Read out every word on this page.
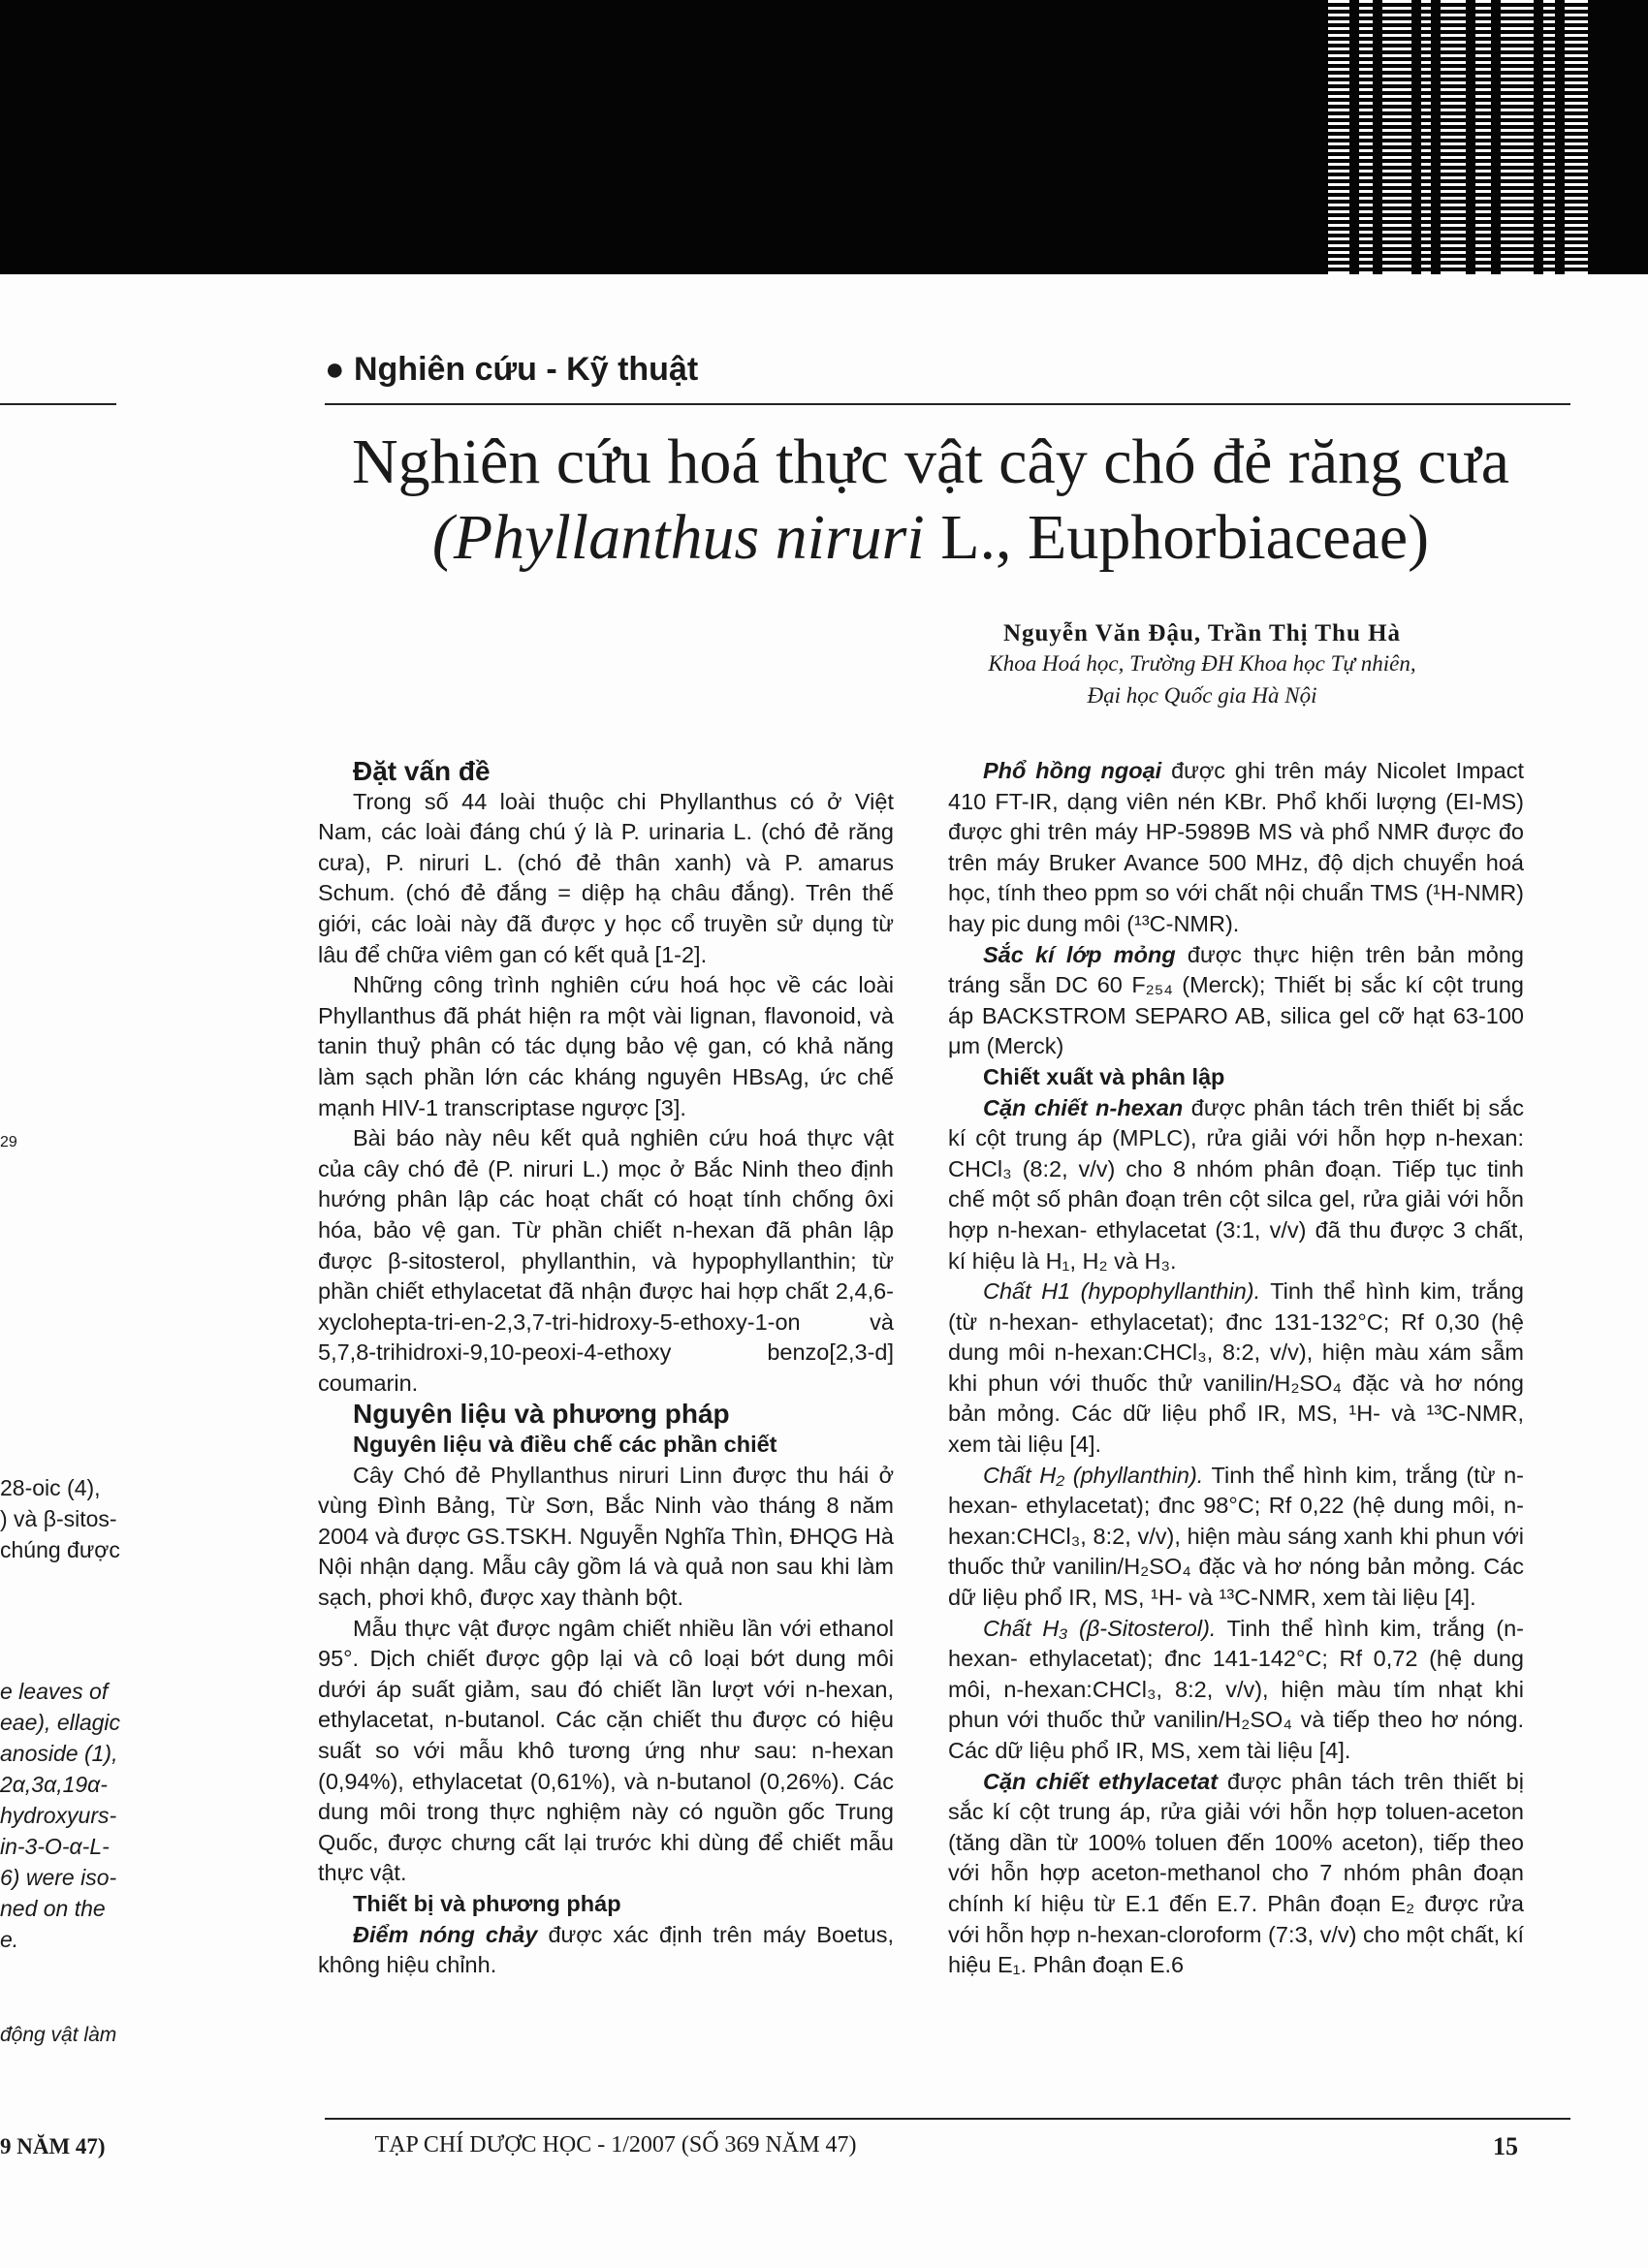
● Nghiên cứu - Kỹ thuật
Nghiên cứu hoá thực vật cây chó đẻ răng cưa
(Phyllanthus niruri L., Euphorbiaceae)
Nguyễn Văn Đậu, Trần Thị Thu Hà
Khoa Hoá học, Trường ĐH Khoa học Tự nhiên,
Đại học Quốc gia Hà Nội
29
28-oic (4),
) và β-sitos-
chúng được
e leaves of
eae), ellagic
anoside (1),
2α,3α,19α-
hydroxyurs-
in-3-O-α-L-
6) were iso-
ned on the
e.
động vật làm
9 NĂM 47)
Đặt vấn đề

Trong số 44 loài thuộc chi Phyllanthus có ở Việt Nam, các loài đáng chú ý là P. urinaria L. (chó đẻ răng cưa), P. niruri L. (chó đẻ thân xanh) và P. amarus Schum. (chó đẻ đắng = diệp hạ châu đắng). Trên thế giới, các loài này đã được y học cổ truyền sử dụng từ lâu để chữa viêm gan có kết quả [1-2].

Những công trình nghiên cứu hoá học về các loài Phyllanthus đã phát hiện ra một vài lignan, flavonoid, và tanin thuỷ phân có tác dụng bảo vệ gan, có khả năng làm sạch phần lớn các kháng nguyên HBsAg, ức chế mạnh HIV-1 transcriptase ngược [3].

Bài báo này nêu kết quả nghiên cứu hoá thực vật của cây chó đẻ (P. niruri L.) mọc ở Bắc Ninh theo định hướng phân lập các hoạt chất có hoạt tính chống ôxi hóa, bảo vệ gan. Từ phần chiết n-hexan đã phân lập được β-sitosterol, phyllanthin, và hypophyllanthin; từ phần chiết ethylacetat đã nhận được hai hợp chất 2,4,6-xyclohepta-tri-en-2,3,7-tri-hidroxy-5-ethoxy-1-on và 5,7,8-trihidroxi-9,10-peoxi-4-ethoxy benzo[2,3-d] coumarin.

Nguyên liệu và phương pháp
Nguyên liệu và điều chế các phần chiết

Cây Chó đẻ Phyllanthus niruri Linn được thu hái ở vùng Đình Bảng, Từ Sơn, Bắc Ninh vào tháng 8 năm 2004 và được GS.TSKH. Nguyễn Nghĩa Thìn, ĐHQG Hà Nội nhận dạng. Mẫu cây gồm lá và quả non sau khi làm sạch, phơi khô, được xay thành bột.

Mẫu thực vật được ngâm chiết nhiều lần với ethanol 95°. Dịch chiết được gộp lại và cô loại bớt dung môi dưới áp suất giảm, sau đó chiết lần lượt với n-hexan, ethylacetat, n-butanol. Các cặn chiết thu được có hiệu suất so với mẫu khô tương ứng như sau: n-hexan (0,94%), ethylacetat (0,61%), và n-butanol (0,26%). Các dung môi trong thực nghiệm này có nguồn gốc Trung Quốc, được chưng cất lại trước khi dùng để chiết mẫu thực vật.

Thiết bị và phương pháp

Điểm nóng chảy được xác định trên máy Boetus, không hiệu chỉnh.

Phổ hồng ngoại được ghi trên máy Nicolet Impact 410 FT-IR, dạng viên nén KBr. Phổ khối lượng (EI-MS) được ghi trên máy HP-5989B MS và phổ NMR được đo trên máy Bruker Avance 500 MHz, độ dịch chuyển hoá học, tính theo ppm so với chất nội chuẩn TMS (¹H-NMR) hay pic dung môi (¹³C-NMR).

Sắc kí lớp mỏng được thực hiện trên bản mỏng tráng sẵn DC 60 F₂₅₄ (Merck); Thiết bị sắc kí cột trung áp BACKSTROM SEPARO AB, silica gel cỡ hạt 63-100 μm (Merck)

Chiết xuất và phân lập

Cặn chiết n-hexan được phân tách trên thiết bị sắc kí cột trung áp (MPLC), rửa giải với hỗn hợp n-hexan: CHCl₃ (8:2, v/v) cho 8 nhóm phân đoạn. Tiếp tục tinh chế một số phân đoạn trên cột silca gel, rửa giải với hỗn hợp n-hexan- ethylacetat (3:1, v/v) đã thu được 3 chất, kí hiệu là H₁, H₂ và H₃.

Chất H1 (hypophyllanthin). Tinh thể hình kim, trắng (từ n-hexan- ethylacetat); đnc 131-132°C; Rf 0,30 (hệ dung môi n-hexan:CHCl₃, 8:2, v/v), hiện màu xám sẫm khi phun với thuốc thử vanilin/H₂SO₄ đặc và hơ nóng bản mỏng. Các dữ liệu phổ IR, MS, ¹H- và ¹³C-NMR, xem tài liệu [4].

Chất H₂ (phyllanthin). Tinh thể hình kim, trắng (từ n-hexan- ethylacetat); đnc 98°C; Rf 0,22 (hệ dung môi, n-hexan:CHCl₃, 8:2, v/v), hiện màu sáng xanh khi phun với thuốc thử vanilin/H₂SO₄ đặc và hơ nóng bản mỏng. Các dữ liệu phổ IR, MS, ¹H- và ¹³C-NMR, xem tài liệu [4].

Chất H₃ (β-Sitosterol). Tinh thể hình kim, trắng (n-hexan- ethylacetat); đnc 141-142°C; Rf 0,72 (hệ dung môi, n-hexan:CHCl₃, 8:2, v/v), hiện màu tím nhạt khi phun với thuốc thử vanilin/H₂SO₄ và tiếp theo hơ nóng. Các dữ liệu phổ IR, MS, xem tài liệu [4].

Cặn chiết ethylacetat được phân tách trên thiết bị sắc kí cột trung áp, rửa giải với hỗn hợp toluen-aceton (tăng dần từ 100% toluen đến 100% aceton), tiếp theo với hỗn hợp aceton-methanol cho 7 nhóm phân đoạn chính kí hiệu từ E.1 đến E.7. Phân đoạn E₂ được rửa với hỗn hợp n-hexan-cloroform (7:3, v/v) cho một chất, kí hiệu E₁. Phân đoạn E.6

TẠP CHÍ DƯỢC HỌC - 1/2007 (SỐ 369 NĂM 47)	15
